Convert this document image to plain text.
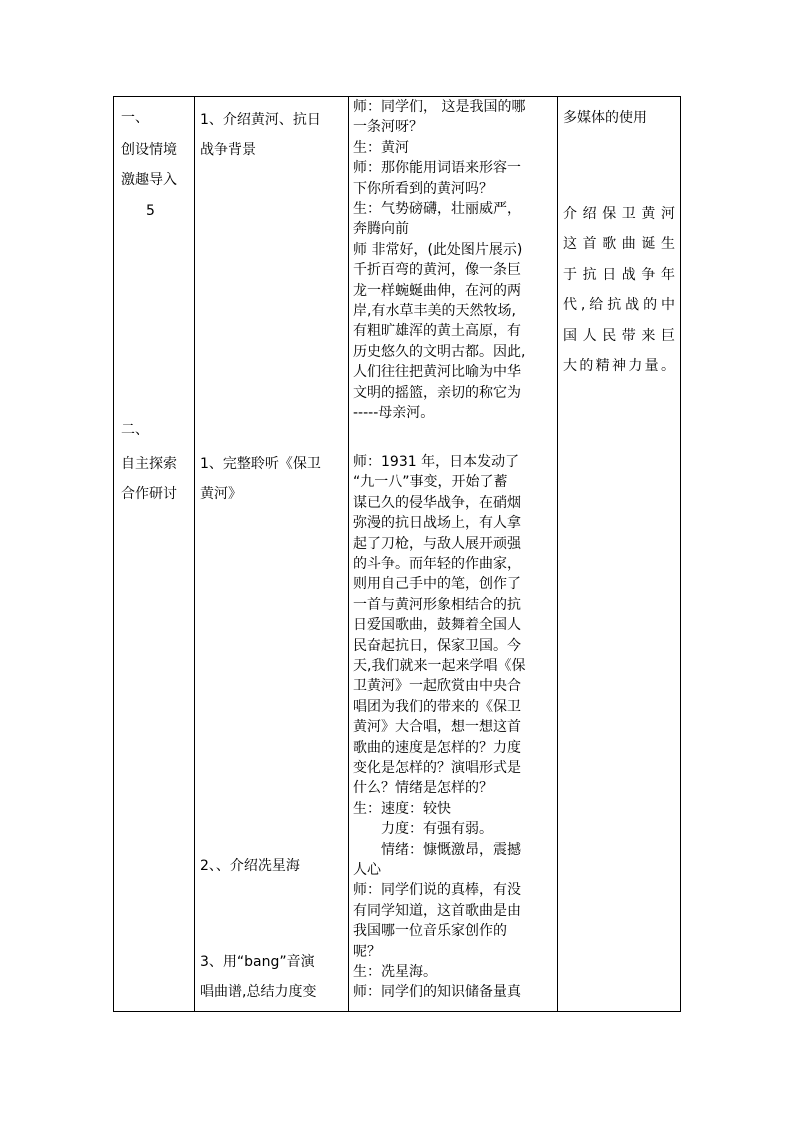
一、
创设情境
激趣导入
5
二、
自主探索
合作研讨
1、介绍黄河、抗日
战争背景
1、完整聆听《保卫
黄河》
2、、介绍冼星海
3、用“bang”音演
唱曲谱,总结力度变
师：同学们， 这是我国的哪
一条河呀？
生：黄河
师：那你能用词语来形容一
下你所看到的黄河吗？
生：气势磅礴，壮丽威严，
奔腾向前
师 非常好，(此处图片展示)
千折百弯的黄河，像一条巨
龙一样蜿蜒曲伸，在河的两
岸,有水草丰美的天然牧场,
有粗旷雄浑的黄土高原，有
历史悠久的文明古都。因此,
人们往往把黄河比喻为中华
文明的摇篮，亲切的称它为
-----母亲河。
师：1931 年，日本发动了
“九一八”事变，开始了蓄
谋已久的侵华战争，在硝烟
弥漫的抗日战场上，有人拿
起了刀枪，与敌人展开顽强
的斗争。而年轻的作曲家，
则用自己手中的笔，创作了
一首与黄河形象相结合的抗
日爱国歌曲，鼓舞着全国人
民奋起抗日，保家卫国。今
天,我们就来一起来学唱《保
卫黄河》一起欣赏由中央合
唱团为我们的带来的《保卫
黄河》大合唱，想一想这首
歌曲的速度是怎样的？力度
变化是怎样的？演唱形式是
什么？情绪是怎样的？
生：速度：较快
力度：有强有弱。
情绪：慷慨激昂，震撼
人心
师：同学们说的真棒，有没
有同学知道，这首歌曲是由
我国哪一位音乐家创作的
呢？
生：冼星海。
师：同学们的知识储备量真
多媒体的使用
介绍保卫黄河
这首歌曲诞生
于抗日战争年
代,给抗战的中
国人民带来巨
大的精神力量。
